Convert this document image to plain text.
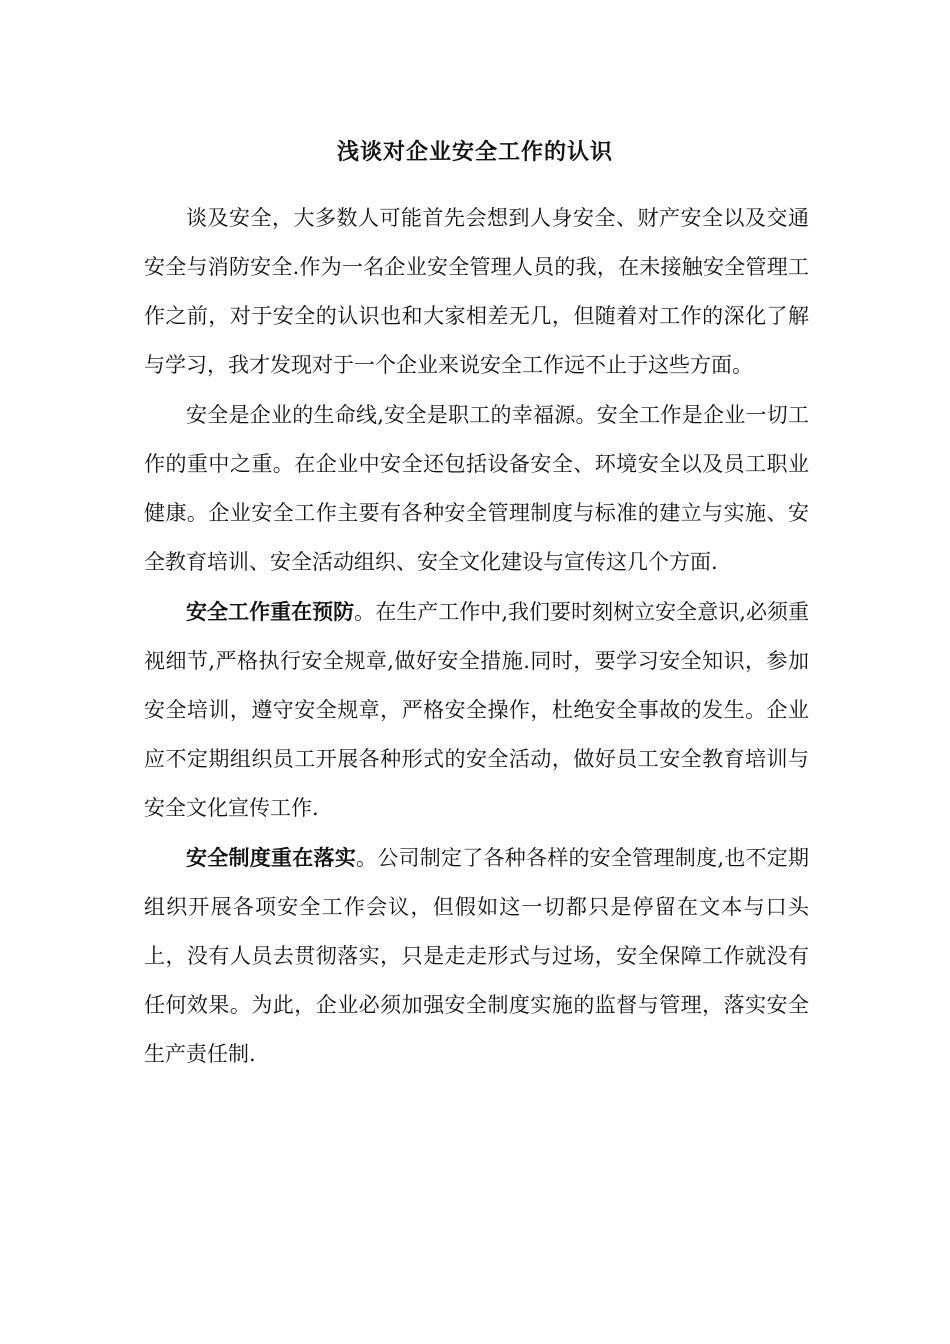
浅谈对企业安全工作的认识

谈及安全，大多数人可能首先会想到人身安全、财产安全以及交通安全与消防安全.作为一名企业安全管理人员的我，在未接触安全管理工作之前，对于安全的认识也和大家相差无几，但随着对工作的深化了解与学习，我才发现对于一个企业来说安全工作远不止于这些方面。

安全是企业的生命线,安全是职工的幸福源。安全工作是企业一切工作的重中之重。在企业中安全还包括设备安全、环境安全以及员工职业健康。企业安全工作主要有各种安全管理制度与标准的建立与实施、安全教育培训、安全活动组织、安全文化建设与宣传这几个方面.

安全工作重在预防。在生产工作中,我们要时刻树立安全意识,必须重视细节,严格执行安全规章,做好安全措施.同时，要学习安全知识，参加安全培训，遵守安全规章，严格安全操作，杜绝安全事故的发生。企业应不定期组织员工开展各种形式的安全活动，做好员工安全教育培训与安全文化宣传工作.

安全制度重在落实。公司制定了各种各样的安全管理制度,也不定期组织开展各项安全工作会议，但假如这一切都只是停留在文本与口头上，没有人员去贯彻落实，只是走走形式与过场，安全保障工作就没有任何效果。为此，企业必须加强安全制度实施的监督与管理，落实安全生产责任制.
